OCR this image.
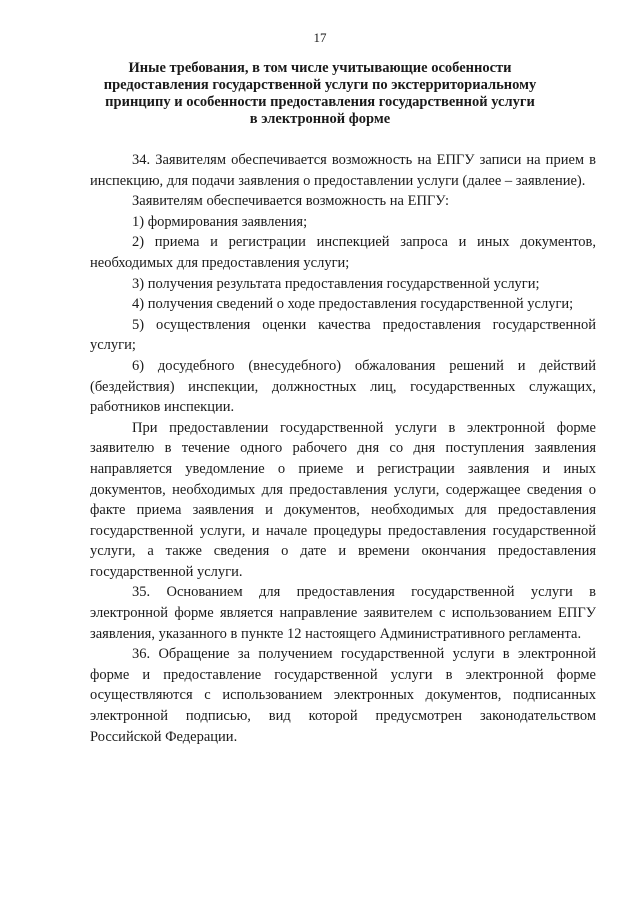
17
Иные требования, в том числе учитывающие особенности
предоставления государственной услуги по экстерриториальному
принципу и особенности предоставления государственной услуги
в электронной форме

34. Заявителям обеспечивается возможность на ЕПГУ записи на прием в инспекцию, для подачи заявления о предоставлении услуги (далее – заявление).

Заявителям обеспечивается возможность на ЕПГУ:

1) формирования заявления;

2) приема и регистрации инспекцией запроса и иных документов, необходимых для предоставления услуги;

3) получения результата предоставления государственной услуги;

4) получения сведений о ходе предоставления государственной услуги;

5) осуществления оценки качества предоставления государственной услуги;

6) досудебного (внесудебного) обжалования решений и действий (бездействия) инспекции, должностных лиц, государственных служащих, работников инспекции.

При предоставлении государственной услуги в электронной форме заявителю в течение одного рабочего дня со дня поступления заявления направляется уведомление о приеме и регистрации заявления и иных документов, необходимых для предоставления услуги, содержащее сведения о факте приема заявления и документов, необходимых для предоставления государственной услуги, и начале процедуры предоставления государственной услуги, а также сведения о дате и времени окончания предоставления государственной услуги.

35. Основанием для предоставления государственной услуги в электронной форме является направление заявителем с использованием ЕПГУ заявления, указанного в пункте 12 настоящего Административного регламента.

36. Обращение за получением государственной услуги в электронной форме и предоставление государственной услуги в электронной форме осуществляются с использованием электронных документов, подписанных электронной подписью, вид которой предусмотрен законодательством Российской Федерации.
